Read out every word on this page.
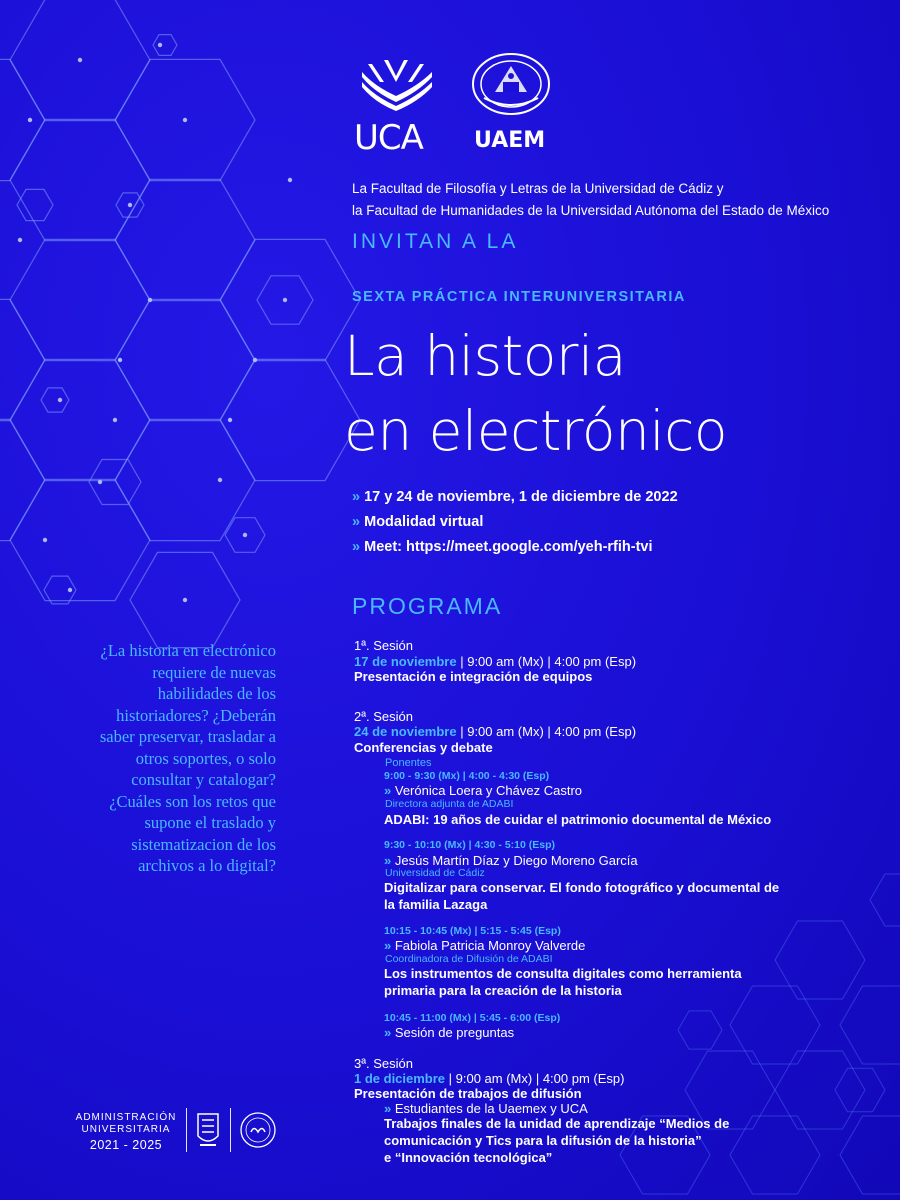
UCA UAEM
La Facultad de Filosofía y Letras de la Universidad de Cádiz y
la Facultad de Humanidades de la Universidad Autónoma del Estado de México
INVITAN A LA
SEXTA PRÁCTICA INTERUNIVERSITARIA
La historia
en electrónico
» 17 y 24 de noviembre, 1 de diciembre de 2022
» Modalidad virtual
» Meet: https://meet.google.com/yeh-rfih-tvi
PROGRAMA
¿La historia en electrónico
requiere de nuevas
habilidades de los
historiadores? ¿Deberán
saber preservar, trasladar a
otros soportes, o solo
consultar y catalogar?
¿Cuáles son los retos que
supone el traslado y
sistematizacion de los
archivos a lo digital?
1ª. Sesión
17 de noviembre | 9:00 am (Mx) | 4:00 pm (Esp)
Presentación e integración de equipos
2ª. Sesión
24 de noviembre | 9:00 am (Mx) | 4:00 pm (Esp)
Conferencias y debate
Ponentes
9:00 - 9:30 (Mx) | 4:00 - 4:30 (Esp)
» Verónica Loera y Chávez Castro
Directora adjunta de ADABI
ADABI: 19 años de cuidar el patrimonio documental de México
9:30 - 10:10 (Mx) | 4:30 - 5:10 (Esp)
» Jesús Martín Díaz y Diego Moreno García
Universidad de Cádiz
Digitalizar para conservar. El fondo fotográfico y documental de
la familia Lazaga
10:15 - 10:45 (Mx) | 5:15 - 5:45 (Esp)
» Fabiola Patricia Monroy Valverde
Coordinadora de Difusión de ADABI
Los instrumentos de consulta digitales como herramienta
primaria para la creación de la historia
10:45 - 11:00 (Mx) | 5:45 - 6:00 (Esp)
» Sesión de preguntas
3ª. Sesión
1 de diciembre | 9:00 am (Mx) | 4:00 pm (Esp)
Presentación de trabajos de difusión
» Estudiantes de la Uaemex y UCA
Trabajos finales de la unidad de aprendizaje “Medios de
comunicación y Tics para la difusión de la historia”
e “Innovación tecnológica”
ADMINISTRACIÓN
UNIVERSITARIA
2021 - 2025
